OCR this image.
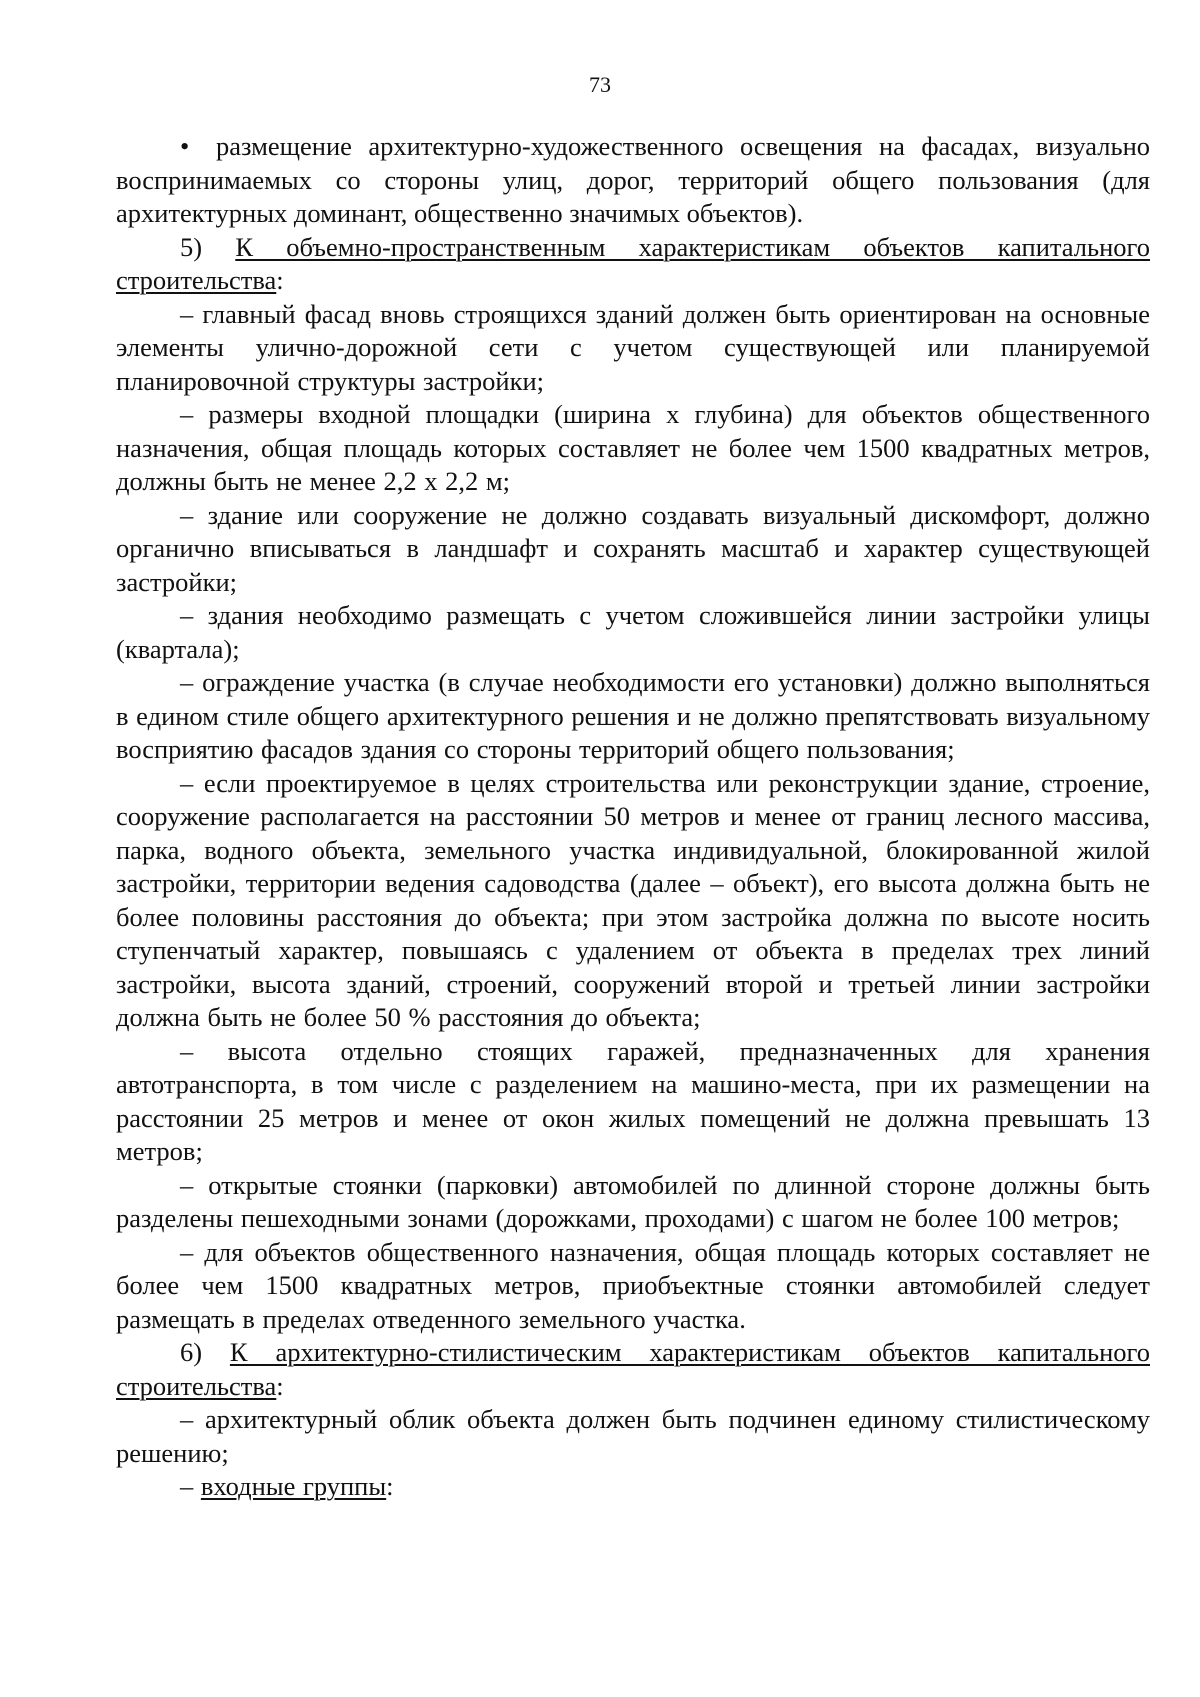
73

• размещение архитектурно-художественного освещения на фасадах, визуально воспринимаемых со стороны улиц, дорог, территорий общего пользования (для архитектурных доминант, общественно значимых объектов).

5) К объемно-пространственным характеристикам объектов капитального строительства:

– главный фасад вновь строящихся зданий должен быть ориентирован на основные элементы улично-дорожной сети с учетом существующей или планируемой планировочной структуры застройки;

– размеры входной площадки (ширина х глубина) для объектов общественного назначения, общая площадь которых составляет не более чем 1500 квадратных метров, должны быть не менее 2,2 х 2,2 м;

– здание или сооружение не должно создавать визуальный дискомфорт, должно органично вписываться в ландшафт и сохранять масштаб и характер существующей застройки;

– здания необходимо размещать с учетом сложившейся линии застройки улицы (квартала);

– ограждение участка (в случае необходимости его установки) должно выполняться в едином стиле общего архитектурного решения и не должно препятствовать визуальному восприятию фасадов здания со стороны территорий общего пользования;

– если проектируемое в целях строительства или реконструкции здание, строение, сооружение располагается на расстоянии 50 метров и менее от границ лесного массива, парка, водного объекта, земельного участка индивидуальной, блокированной жилой застройки, территории ведения садоводства (далее – объект), его высота должна быть не более половины расстояния до объекта; при этом застройка должна по высоте носить ступенчатый характер, повышаясь с удалением от объекта в пределах трех линий застройки, высота зданий, строений, сооружений второй и третьей линии застройки должна быть не более 50 % расстояния до объекта;

– высота отдельно стоящих гаражей, предназначенных для хранения автотранспорта, в том числе с разделением на машино-места, при их размещении на расстоянии 25 метров и менее от окон жилых помещений не должна превышать 13 метров;

– открытые стоянки (парковки) автомобилей по длинной стороне должны быть разделены пешеходными зонами (дорожками, проходами) с шагом не более 100 метров;

– для объектов общественного назначения, общая площадь которых составляет не более чем 1500 квадратных метров, приобъектные стоянки автомобилей следует размещать в пределах отведенного земельного участка.

6) К архитектурно-стилистическим характеристикам объектов капитального строительства:

– архитектурный облик объекта должен быть подчинен единому стилистическому решению;

– входные группы:
